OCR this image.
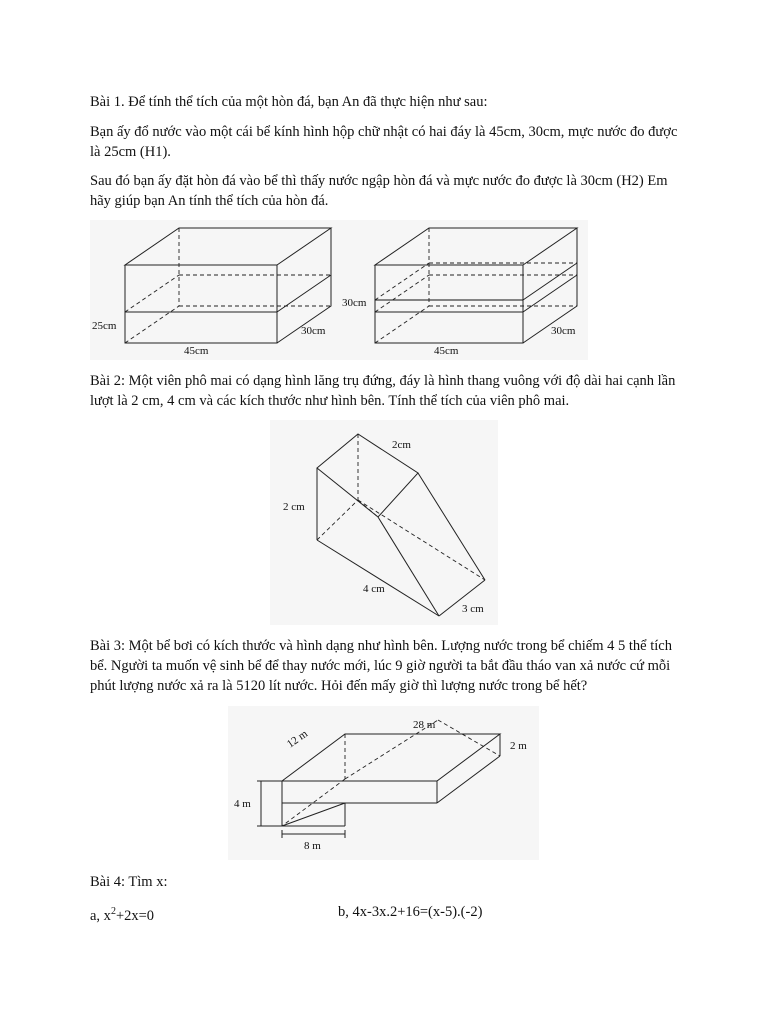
Bài 1. Để tính thể tích của một hòn đá, bạn An đã thực hiện như sau:

Bạn ấy đổ nước vào một cái bể kính hình hộp chữ nhật có hai đáy là 45cm, 30cm, mực nước đo được là 25cm (H1).

Sau đó bạn ấy đặt hòn đá vào bể thì thấy nước ngập hòn đá và mực nước đo được là 30cm (H2) Em hãy giúp bạn An tính thể tích của hòn đá.

25cm
45cm
30cm
30cm
45cm
30cm

Bài 2: Một viên phô mai có dạng hình lăng trụ đứng, đáy là hình thang vuông với độ dài hai cạnh lần lượt là 2 cm, 4 cm và các kích thước như hình bên. Tính thể tích của viên phô mai.

2cm
2 cm
4 cm
3 cm

Bài 3: Một bể bơi có kích thước và hình dạng như hình bên. Lượng nước trong bể chiếm 4 5 thể tích bể. Người ta muốn vệ sinh bể để thay nước mới, lúc 9 giờ người ta bắt đầu tháo van xả nước cứ mỗi phút lượng nước xả ra là 5120 lít nước. Hỏi đến mấy giờ thì lượng nước trong bể hết?

12 m
28 m
2 m
4 m
8 m

Bài 4: Tìm x:

a, $x^2+2x=0$	b, 4x-3x.2+16=(x-5).(-2)
